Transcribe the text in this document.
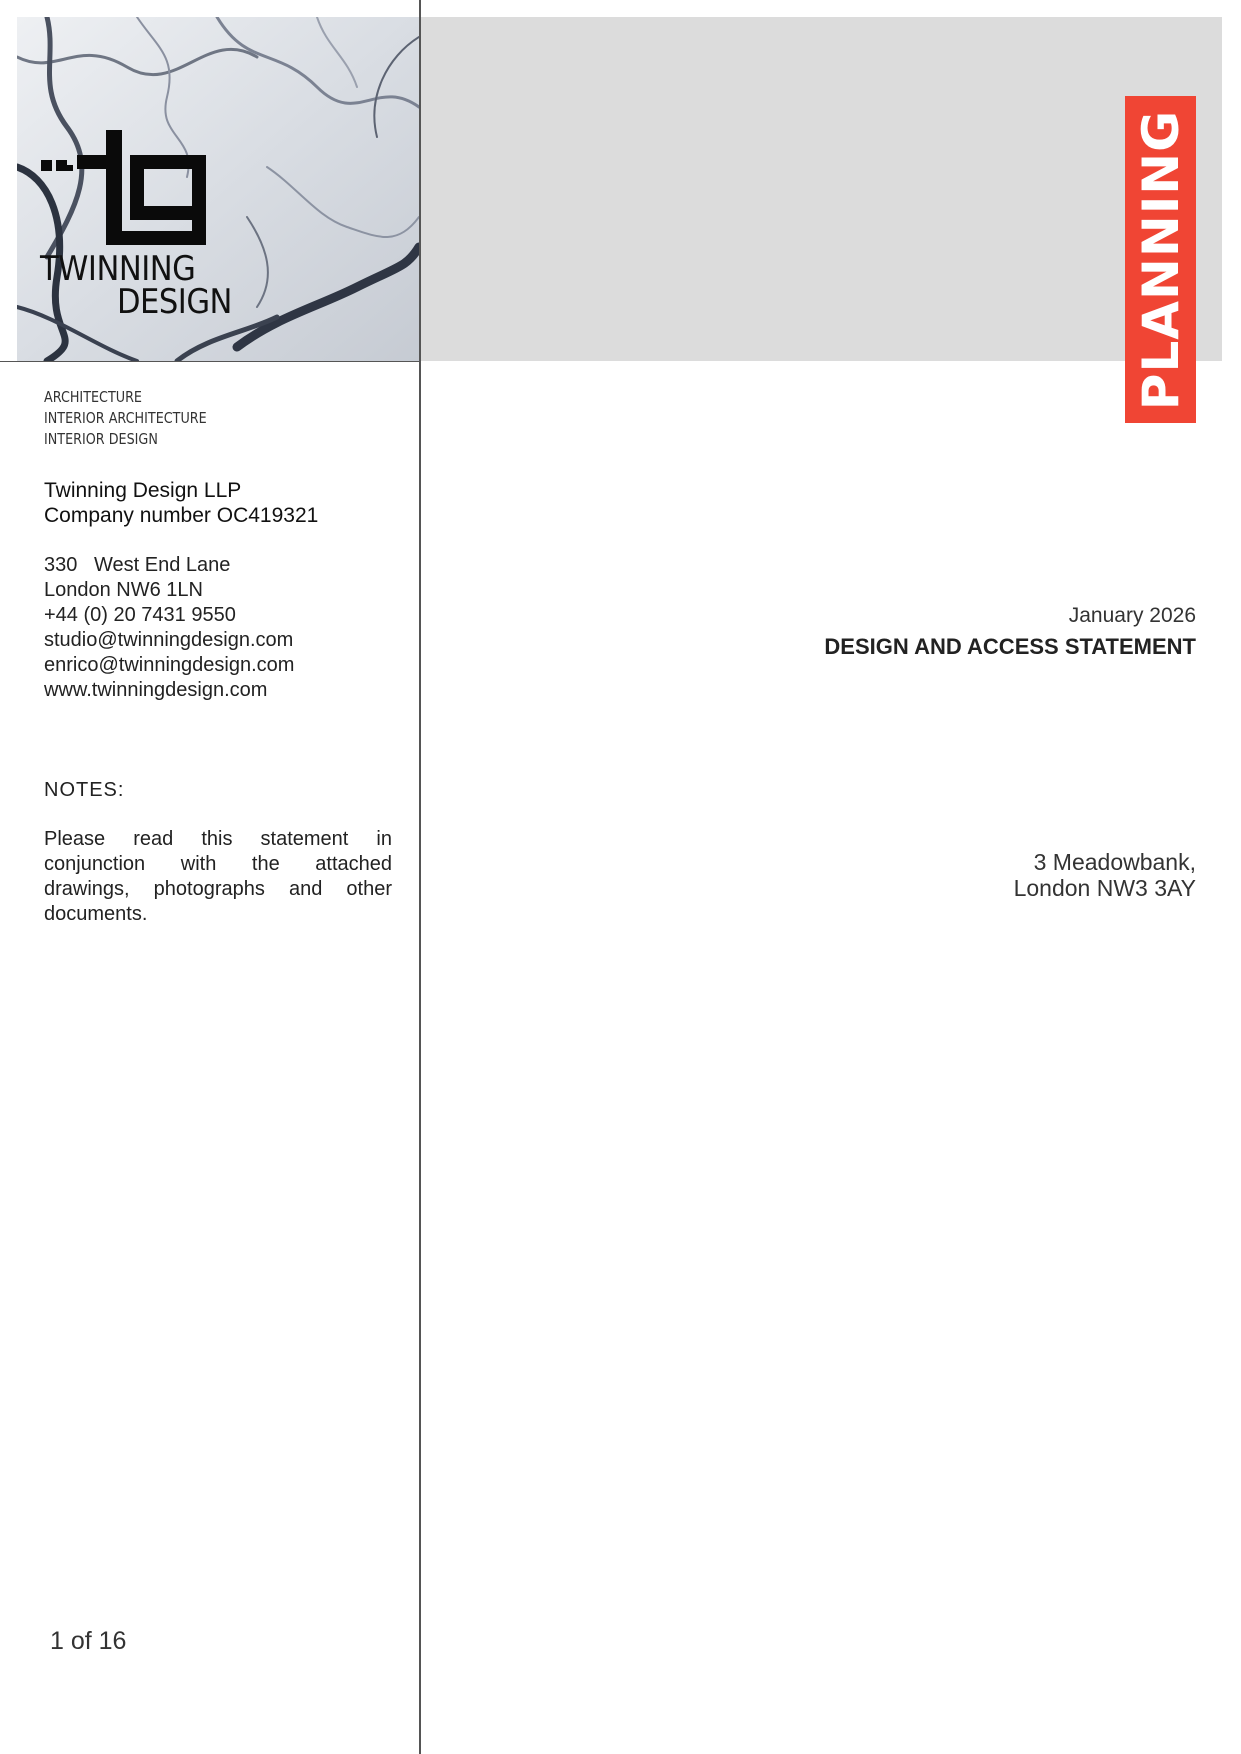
TWINNING
DESIGN	PLANNING
ARCHITECTURE
INTERIOR ARCHITECTURE
INTERIOR DESIGN
Twinning Design LLP
Company number OC419321
330   West End Lane
London NW6 1LN
+44 (0) 20 7431 9550
studio@twinningdesign.com
enrico@twinningdesign.com
www.twinningdesign.com
NOTES:
Please read this statement in conjunction with the attached drawings, photographs and other documents.
1 of 16
January 2026
DESIGN AND ACCESS STATEMENT
3 Meadowbank,
London NW3 3AY
